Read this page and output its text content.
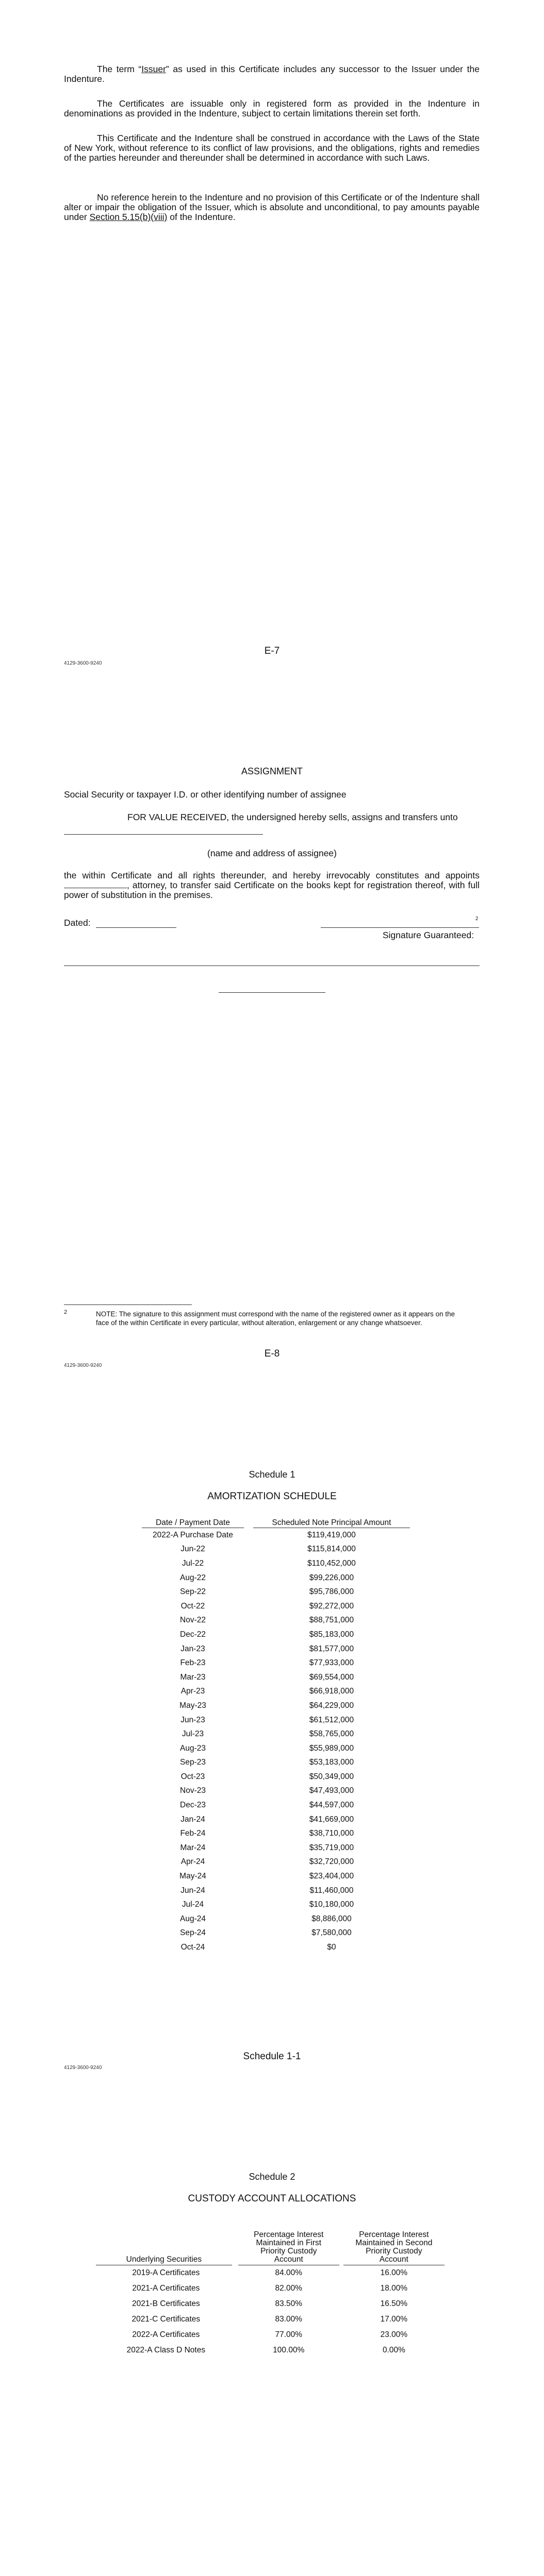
The term “Issuer” as used in this Certificate includes any successor to the Issuer under the Indenture.
The Certificates are issuable only in registered form as provided in the Indenture in denominations as provided in the Indenture, subject to certain limitations therein set forth.
This Certificate and the Indenture shall be construed in accordance with the Laws of the State of New York, without reference to its conflict of law provisions, and the obligations, rights and remedies of the parties hereunder and thereunder shall be determined in accordance with such Laws.
No reference herein to the Indenture and no provision of this Certificate or of the Indenture shall alter or impair the obligation of the Issuer, which is absolute and unconditional, to pay amounts payable under Section 5.15(b)(viii) of the Indenture.
E-7
4129-3600-9240
ASSIGNMENT
Social Security or taxpayer I.D. or other identifying number of assignee
FOR VALUE RECEIVED, the undersigned hereby sells, assigns and transfers unto
(name and address of assignee)
the within Certificate and all rights thereunder, and hereby irrevocably constitutes and appoints , attorney, to transfer said Certificate on the books kept for registration thereof, with full power of substitution in the premises.
Dated:	2
Signature Guaranteed:
2	NOTE: The signature to this assignment must correspond with the name of the registered owner as it appears on the face of the within Certificate in every particular, without alteration, enlargement or any change whatsoever.
E-8
4129-3600-9240
Schedule 1
AMORTIZATION SCHEDULE
Date / Payment Date		Scheduled Note Principal Amount
2022-A Purchase Date		$119,419,000
Jun-22		$115,814,000
Jul-22		$110,452,000
Aug-22		$99,226,000
Sep-22		$95,786,000
Oct-22		$92,272,000
Nov-22		$88,751,000
Dec-22		$85,183,000
Jan-23		$81,577,000
Feb-23		$77,933,000
Mar-23		$69,554,000
Apr-23		$66,918,000
May-23		$64,229,000
Jun-23		$61,512,000
Jul-23		$58,765,000
Aug-23		$55,989,000
Sep-23		$53,183,000
Oct-23		$50,349,000
Nov-23		$47,493,000
Dec-23		$44,597,000
Jan-24		$41,669,000
Feb-24		$38,710,000
Mar-24		$35,719,000
Apr-24		$32,720,000
May-24		$23,404,000
Jun-24		$11,460,000
Jul-24		$10,180,000
Aug-24		$8,886,000
Sep-24		$7,580,000
Oct-24		$0
Schedule 1-1
4129-3600-9240
Schedule 2
CUSTODY ACCOUNT ALLOCATIONS
Underlying Securities	Percentage Interest
Maintained in First
Priority Custody
Account	Percentage Interest
Maintained in Second
Priority Custody
Account

2019-A Certificates	84.00%	16.00%
2021-A Certificates	82.00%	18.00%
2021-B Certificates	83.50%	16.50%
2021-C Certificates	83.00%	17.00%
2022-A Certificates	77.00%	23.00%
2022-A Class D Notes	100.00%	0.00%
